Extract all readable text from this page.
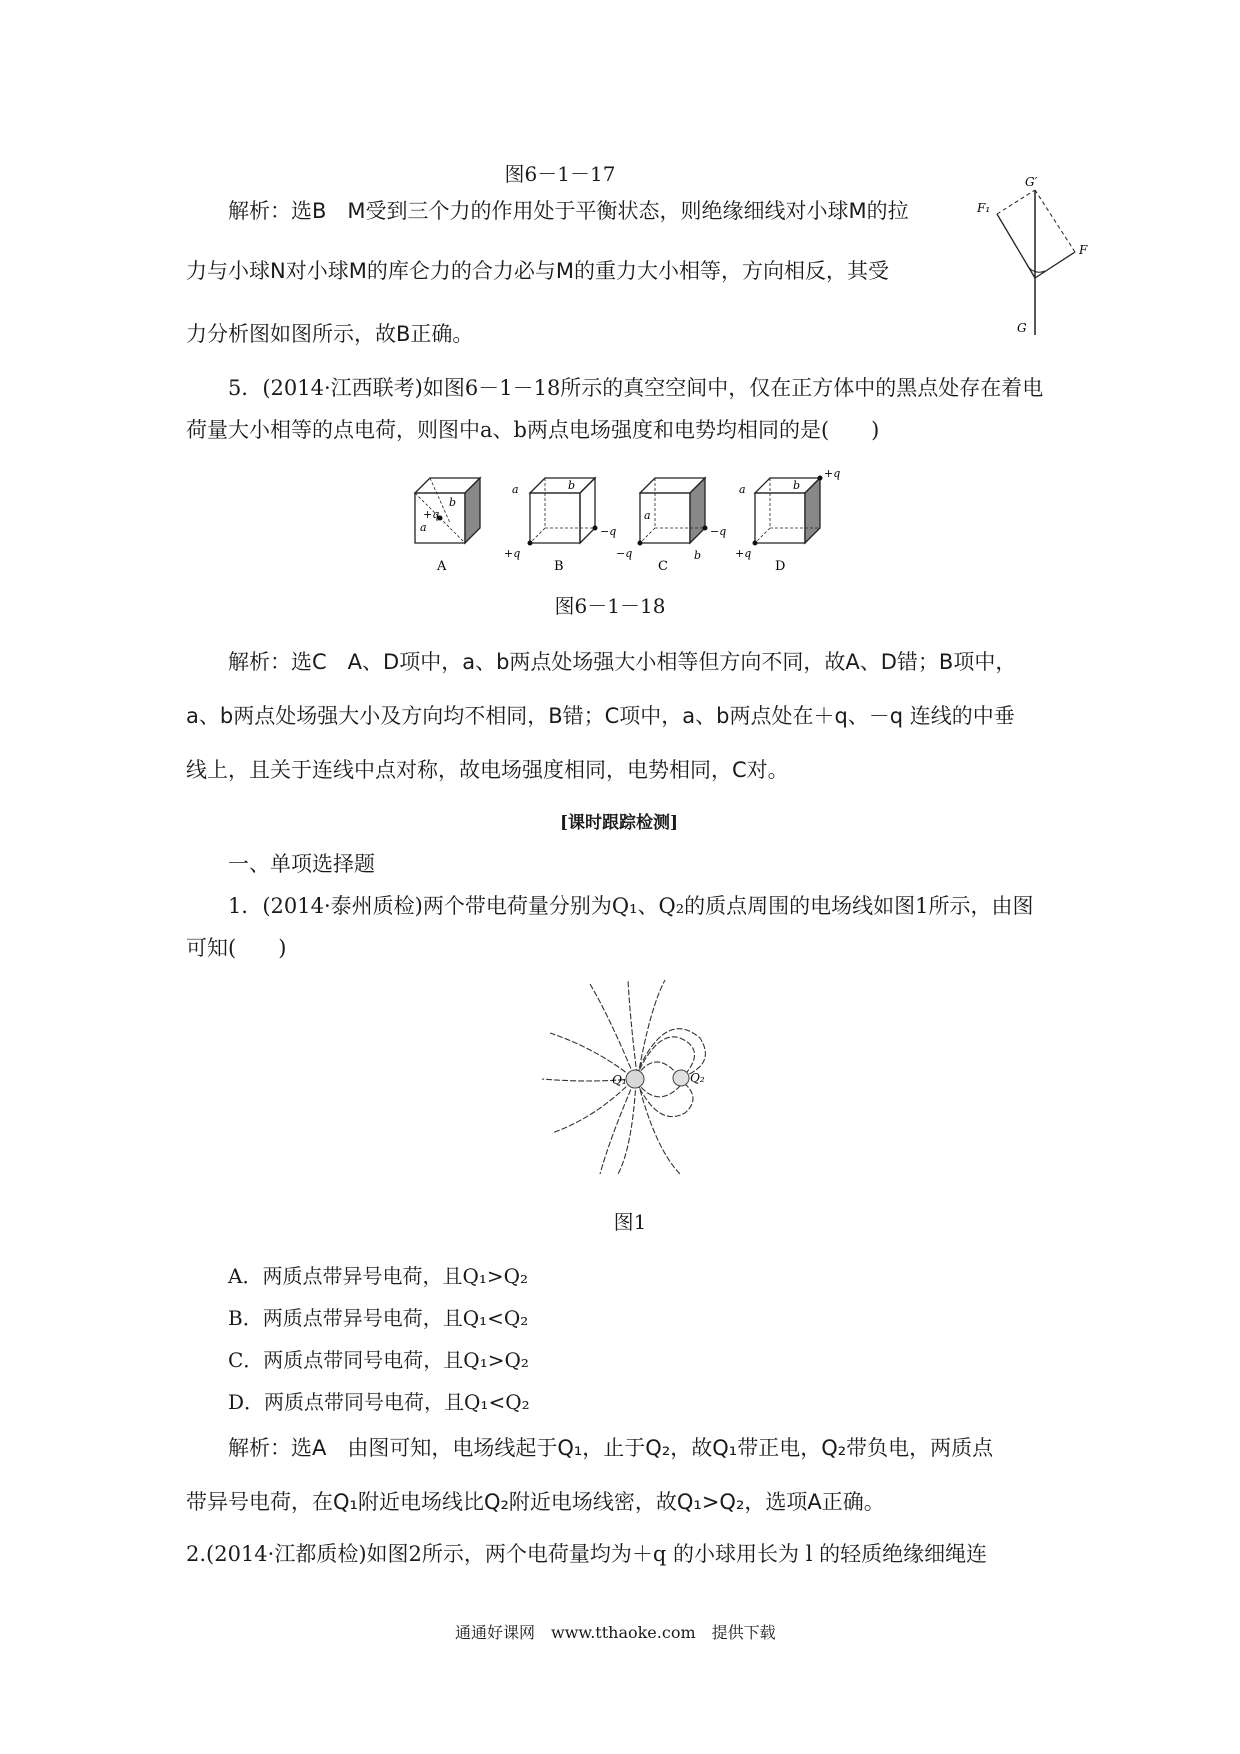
图6－1－17	G′
F₁
F
G
解析：选B　M受到三个力的作用处于平衡状态，则绝缘细线对小球M的拉
力与小球N对小球M的库仑力的合力必与M的重力大小相等，方向相反，其受
力分析图如图所示，故B正确。
5．(2014·江西联考)如图6－1－18所示的真空空间中，仅在正方体中的黑点处存在着电
荷量大小相等的点电荷，则图中a、b两点电场强度和电势均相同的是(　　)
+q
a
b
A
a	b
+q
−q
B
a
b
−q
−q
C
a	b
+q
+q
D
图6－1－18
解析：选C　A、D项中，a、b两点处场强大小相等但方向不同，故A、D错；B项中，
a、b两点处场强大小及方向均不相同，B错；C项中，a、b两点处在＋q、－q 连线的中垂
线上，且关于连线中点对称，故电场强度相同，电势相同，C对。
[课时跟踪检测]
一、单项选择题
1．(2014·泰州质检)两个带电荷量分别为Q₁、Q₂的质点周围的电场线如图1所示，由图
可知(　　)
Q₁	Q₂
图1
A．两质点带异号电荷，且Q₁>Q₂
B．两质点带异号电荷，且Q₁<Q₂
C．两质点带同号电荷，且Q₁>Q₂
D．两质点带同号电荷，且Q₁<Q₂
解析：选A　由图可知，电场线起于Q₁，止于Q₂，故Q₁带正电，Q₂带负电，两质点
带异号电荷，在Q₁附近电场线比Q₂附近电场线密，故Q₁>Q₂，选项A正确。
2.(2014·江都质检)如图2所示，两个电荷量均为＋q 的小球用长为 l 的轻质绝缘细绳连
通通好课网　www.tthaoke.com　提供下载
